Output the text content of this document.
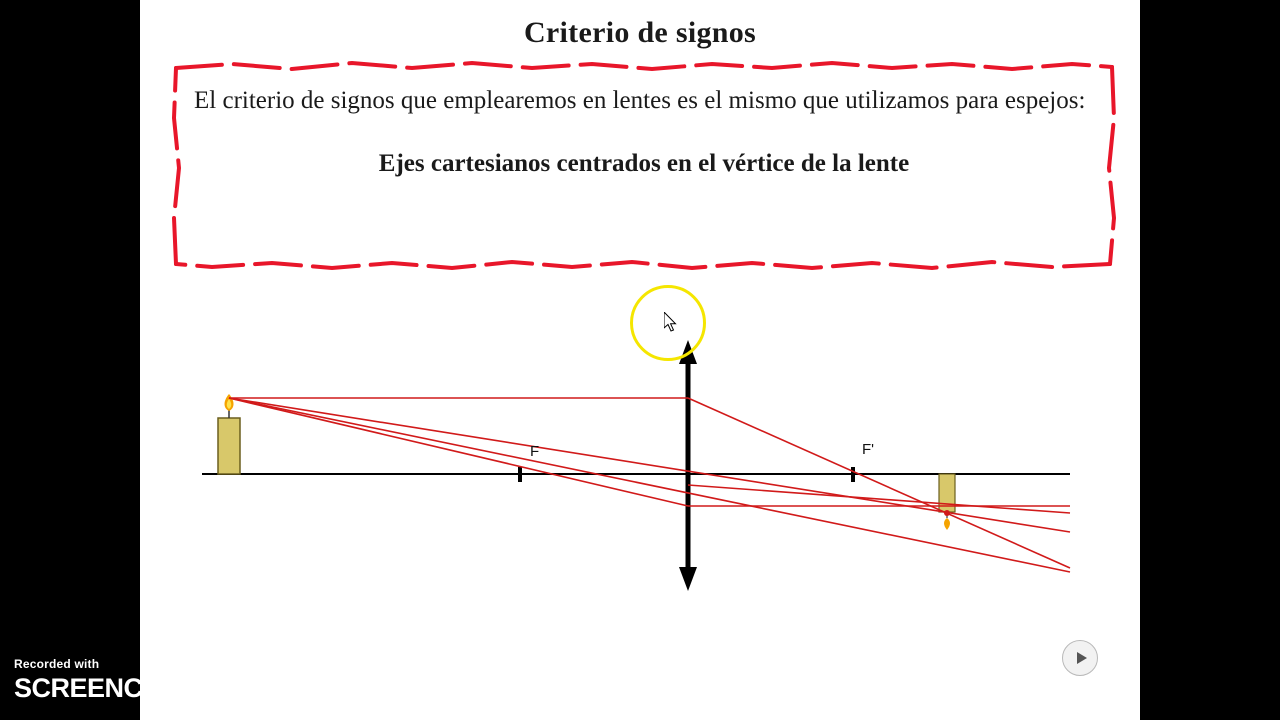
Criterio de signos
El criterio de signos que emplearemos en lentes es el mismo que utilizamos para espejos:
Ejes cartesianos centrados en el vértice de la lente
F	F'
Recorded with
SCREENCAST MATIC
